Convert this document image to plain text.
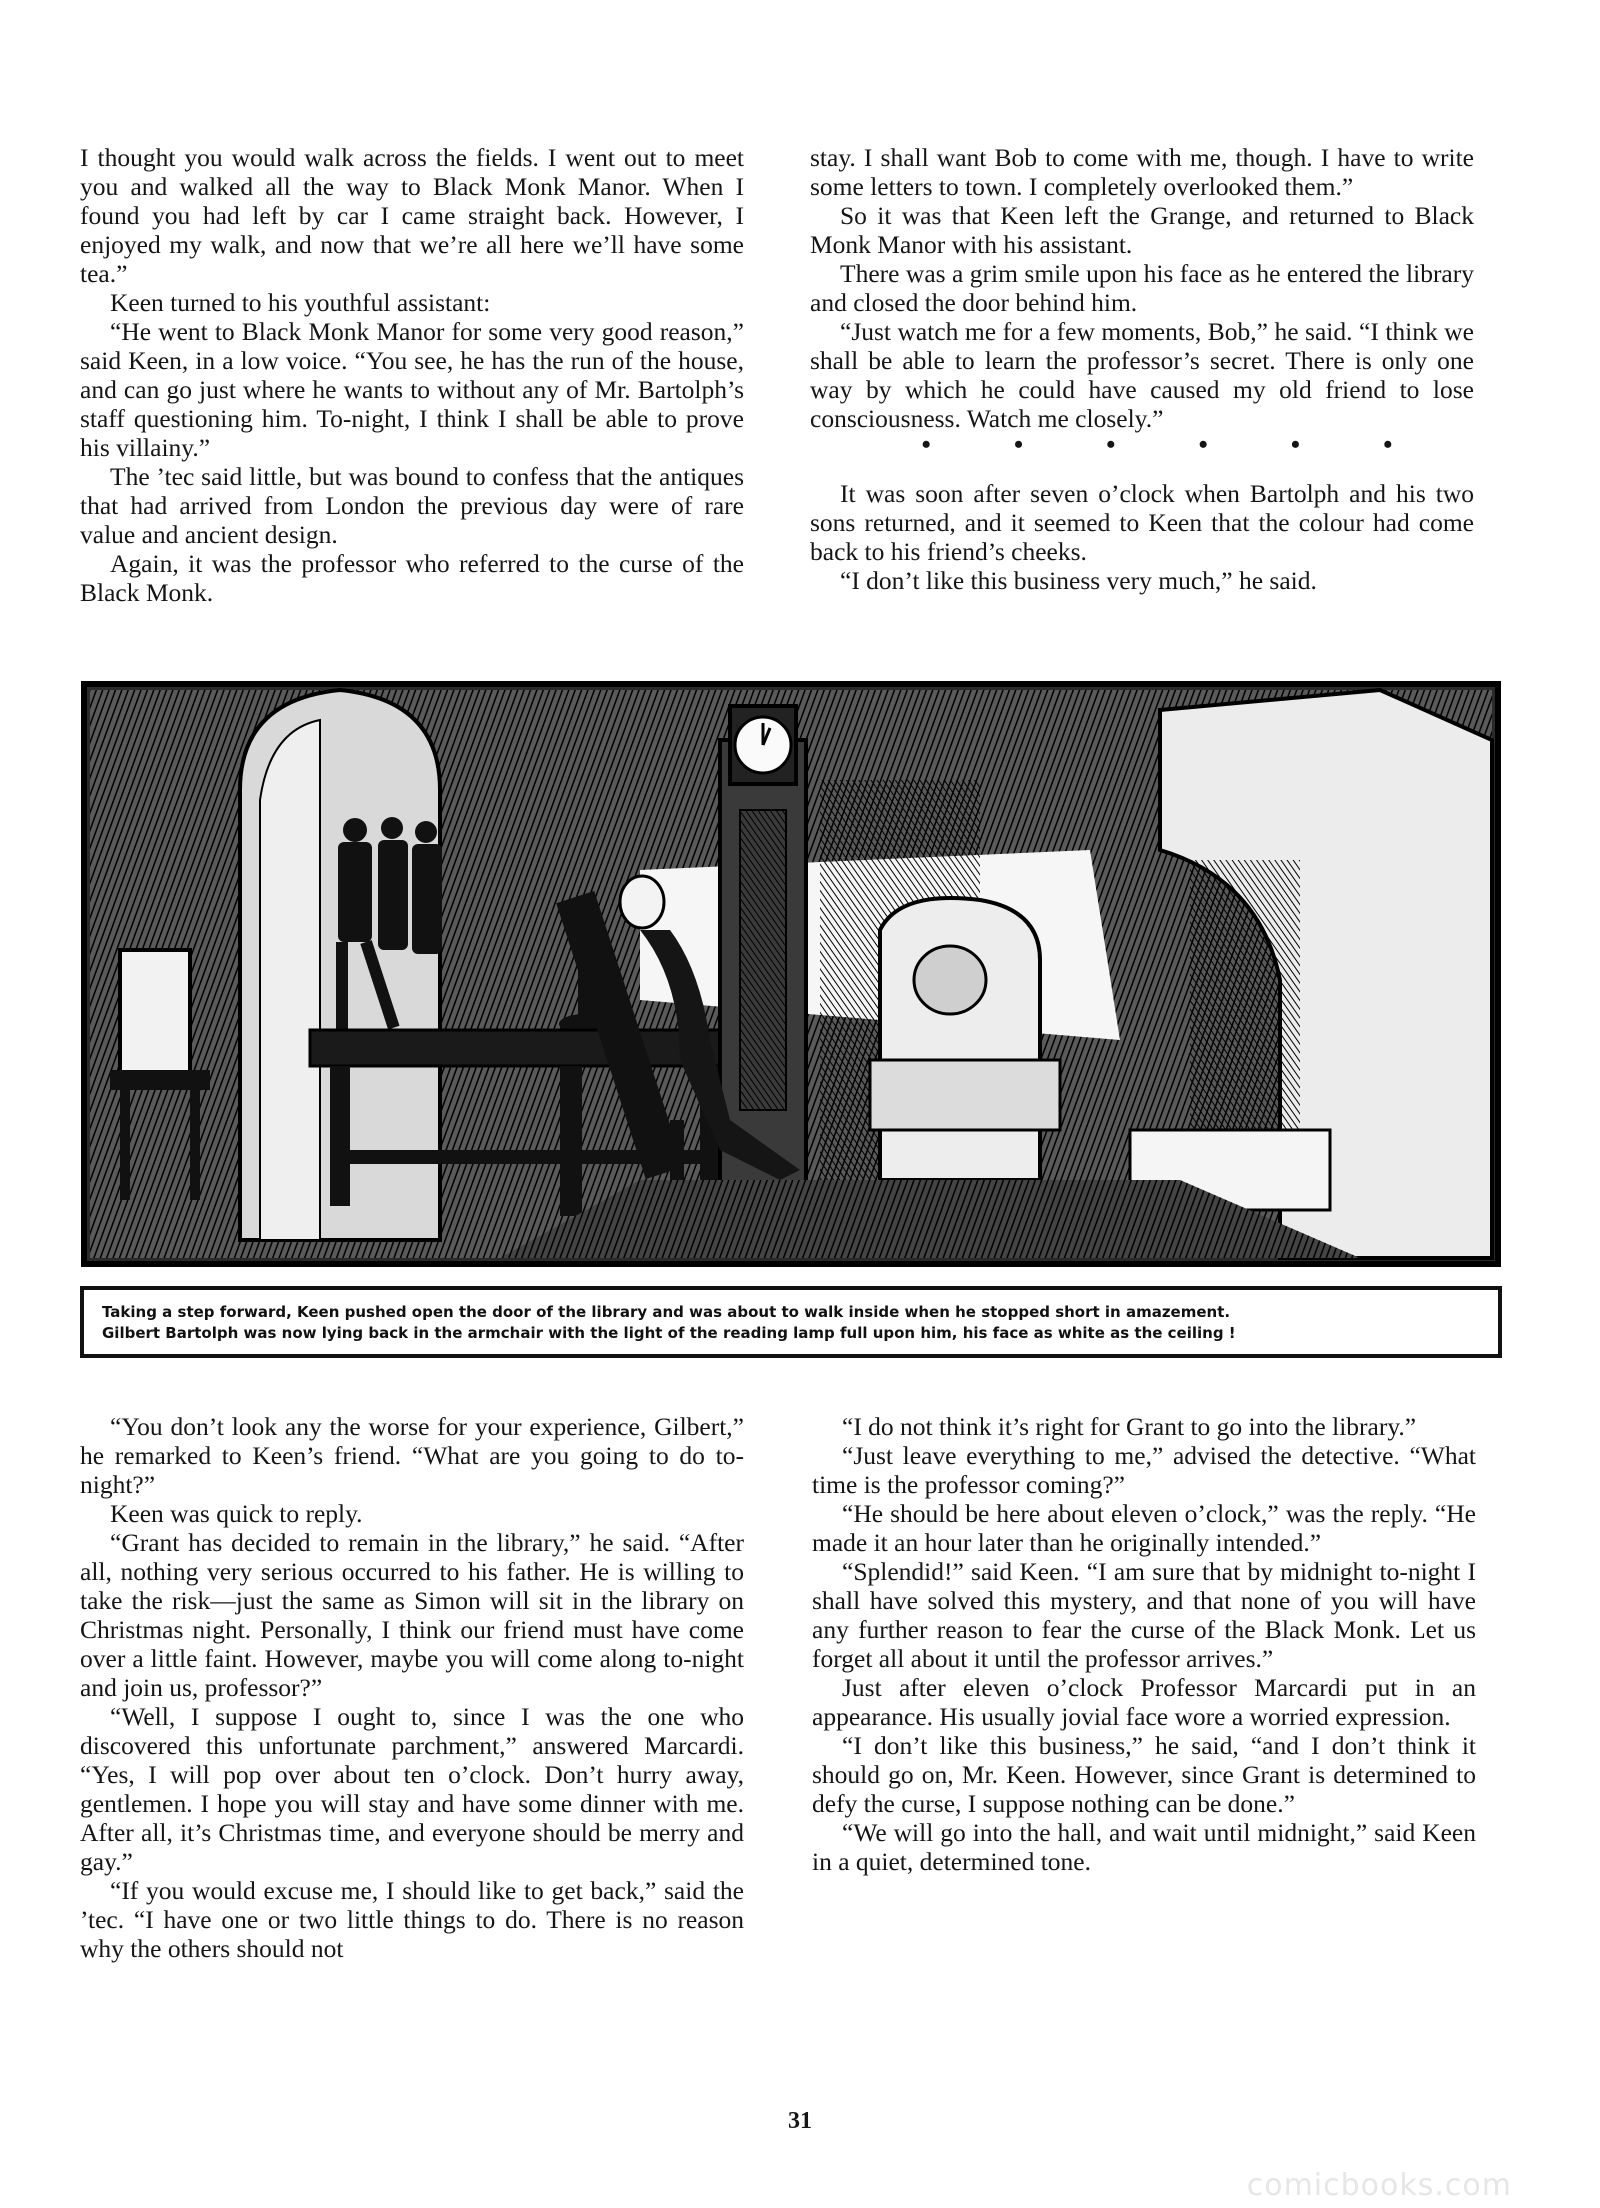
I thought you would walk across the fields. I went out to meet you and walked all the way to Black Monk Manor. When I found you had left by car I came straight back. However, I enjoyed my walk, and now that we’re all here we’ll have some tea.”

Keen turned to his youthful assistant:

“He went to Black Monk Manor for some very good reason,” said Keen, in a low voice. “You see, he has the run of the house, and can go just where he wants to without any of Mr. Bartolph’s staff questioning him. To-night, I think I shall be able to prove his villainy.”

The ’tec said little, but was bound to confess that the antiques that had arrived from London the previous day were of rare value and ancient design.

Again, it was the professor who referred to the curse of the Black Monk.

stay. I shall want Bob to come with me, though. I have to write some letters to town. I completely overlooked them.”

So it was that Keen left the Grange, and returned to Black Monk Manor with his assistant.

There was a grim smile upon his face as he entered the library and closed the door behind him.

“Just watch me for a few moments, Bob,” he said. “I think we shall be able to learn the professor’s secret. There is only one way by which he could have caused my old friend to lose consciousness. Watch me closely.”

•	•	•	•	•	•

It was soon after seven o’clock when Bartolph and his two sons returned, and it seemed to Keen that the colour had come back to his friend’s cheeks.

“I don’t like this business very much,” he said.

Taking a step forward, Keen pushed open the door of the library and was about to walk inside when he stopped short in amazement.

Gilbert Bartolph was now lying back in the armchair with the light of the reading lamp full upon him, his face as white as the ceiling !

“You don’t look any the worse for your experience, Gilbert,” he remarked to Keen’s friend. “What are you going to do to-night?”

Keen was quick to reply.

“Grant has decided to remain in the library,” he said. “After all, nothing very serious occurred to his father. He is willing to take the risk—just the same as Simon will sit in the library on Christmas night. Personally, I think our friend must have come over a little faint. However, maybe you will come along to-night and join us, professor?”

“Well, I suppose I ought to, since I was the one who discovered this unfortunate parchment,” answered Marcardi. “Yes, I will pop over about ten o’clock. Don’t hurry away, gentlemen. I hope you will stay and have some dinner with me. After all, it’s Christmas time, and everyone should be merry and gay.”

“If you would excuse me, I should like to get back,” said the ’tec. “I have one or two little things to do. There is no reason why the others should not

“I do not think it’s right for Grant to go into the library.”

“Just leave everything to me,” advised the detective. “What time is the professor coming?”

“He should be here about eleven o’clock,” was the reply. “He made it an hour later than he originally intended.”

“Splendid!” said Keen. “I am sure that by midnight to-night I shall have solved this mystery, and that none of you will have any further reason to fear the curse of the Black Monk. Let us forget all about it until the professor arrives.”

Just after eleven o’clock Professor Marcardi put in an appearance. His usually jovial face wore a worried expression.

“I don’t like this business,” he said, “and I don’t think it should go on, Mr. Keen. However, since Grant is determined to defy the curse, I suppose nothing can be done.”

“We will go into the hall, and wait until midnight,” said Keen in a quiet, determined tone.

31
comicbooks.com
